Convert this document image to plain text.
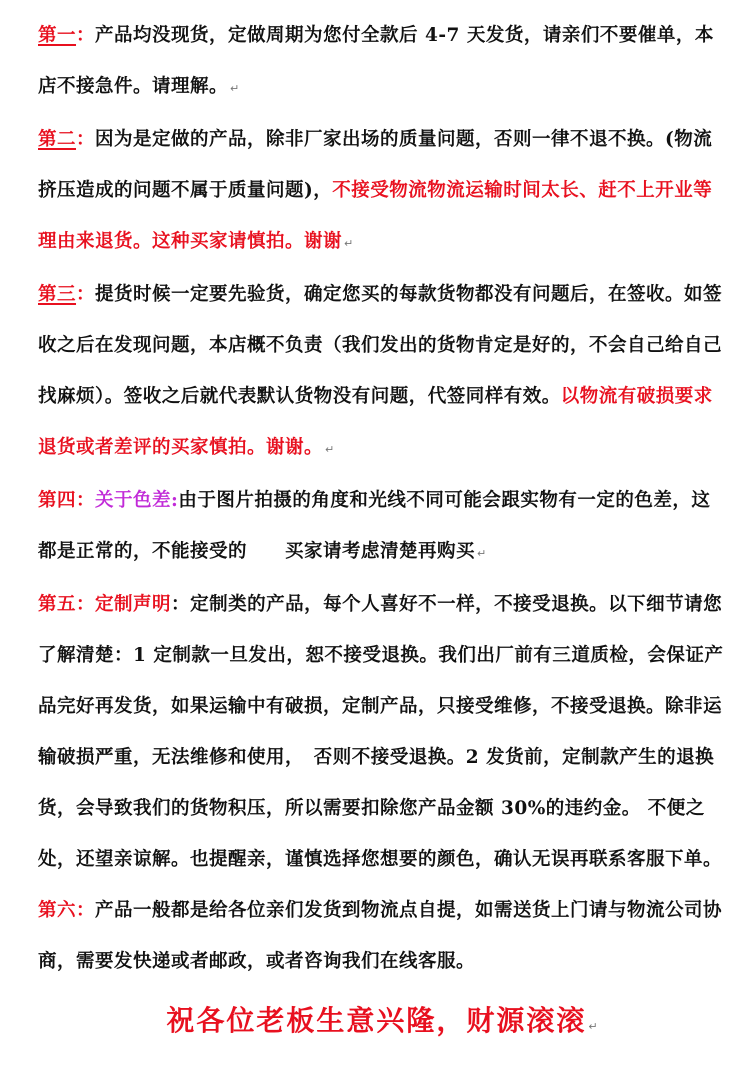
第一：产品均没现货，定做周期为您付全款后 4-7 天发货，请亲们不要催单，本店不接急件。请理解。 ↵

第二：因为是定做的产品，除非厂家出场的质量问题，否则一律不退不换。(物流挤压造成的问题不属于质量问题)，不接受物流物流运输时间太长、赶不上开业等理由来退货。这种买家请慎拍。谢谢 ↵

第三：提货时候一定要先验货，确定您买的每款货物都没有问题后，在签收。如签收之后在发现问题，本店概不负责（我们发出的货物肯定是好的，不会自己给自己找麻烦）。签收之后就代表默认货物没有问题，代签同样有效。以物流有破损要求退货或者差评的买家慎拍。谢谢。 ↵

第四：关于色差:由于图片拍摄的角度和光线不同可能会跟实物有一定的色差，这都是正常的，不能接受的　　买家请考虑清楚再购买 ↵

第五：定制声明：定制类的产品，每个人喜好不一样，不接受退换。以下细节请您了解清楚：1 定制款一旦发出，恕不接受退换。我们出厂前有三道质检，会保证产品完好再发货，如果运输中有破损，定制产品，只接受维修，不接受退换。除非运输破损严重，无法维修和使用，　否则不接受退换。2 发货前，定制款产生的退换货，会导致我们的货物积压，所以需要扣除您产品金额 30%的违约金。 不便之处，还望亲谅解。也提醒亲，谨慎选择您想要的颜色，确认无误再联系客服下单。

第六：产品一般都是给各位亲们发货到物流点自提，如需送货上门请与物流公司协商，需要发快递或者邮政，或者咨询我们在线客服。

祝各位老板生意兴隆，财源滚滚 ↵
